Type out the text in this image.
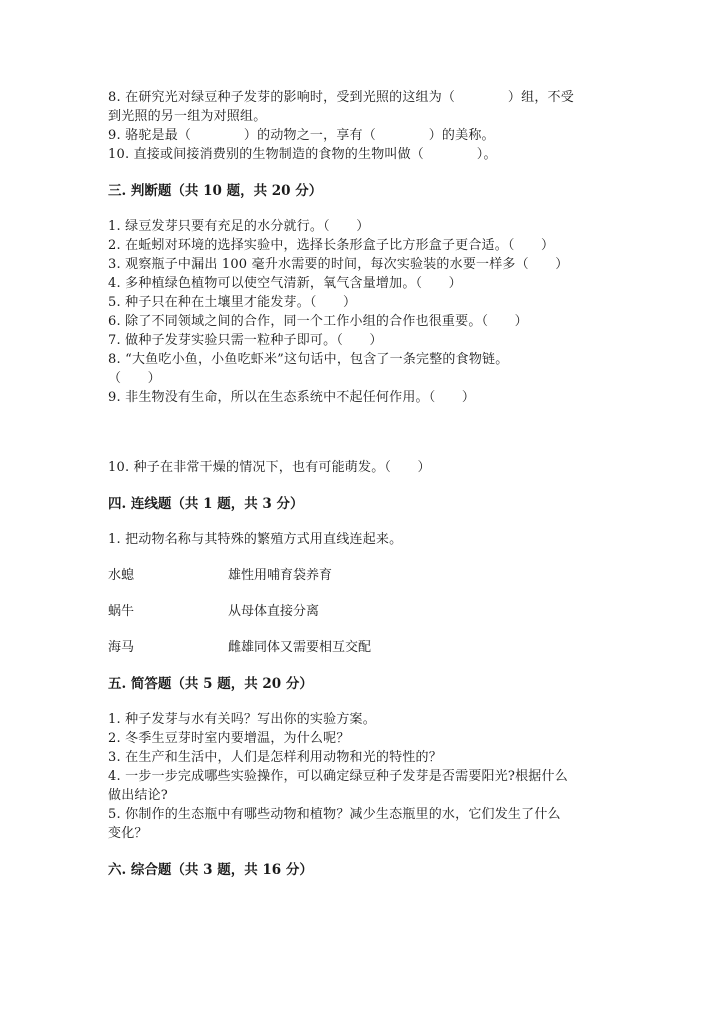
8. 在研究光对绿豆种子发芽的影响时，受到光照的这组为（　　　　）组，不受
到光照的另一组为对照组。
9. 骆驼是最（　　　　）的动物之一，享有（　　　　）的美称。
10. 直接或间接消费别的生物制造的食物的生物叫做（　　　　）。
三. 判断题（共 10 题，共 20 分）
1. 绿豆发芽只要有充足的水分就行。（　　）
2. 在蚯蚓对环境的选择实验中，选择长条形盒子比方形盒子更合适。（　　）
3. 观察瓶子中漏出 100 毫升水需要的时间，每次实验装的水要一样多（　　）
4. 多种植绿色植物可以使空气清新，氧气含量增加。（　　）
5. 种子只在种在土壤里才能发芽。（　　）
6. 除了不同领域之间的合作，同一个工作小组的合作也很重要。（　　）
7. 做种子发芽实验只需一粒种子即可。（　　）
8. “大鱼吃小鱼，小鱼吃虾米”这句话中，包含了一条完整的食物链。
（　　）
9. 非生物没有生命，所以在生态系统中不起任何作用。（　　）
10. 种子在非常干燥的情况下，也有可能萌发。（　　）
四. 连线题（共 1 题，共 3 分）
1. 把动物名称与其特殊的繁殖方式用直线连起来。
水螅	雄性用哺育袋养育
蜗牛	从母体直接分离
海马	雌雄同体又需要相互交配
五. 简答题（共 5 题，共 20 分）
1. 种子发芽与水有关吗？写出你的实验方案。
2. 冬季生豆芽时室内要增温，为什么呢？
3. 在生产和生活中，人们是怎样利用动物和光的特性的？
4. 一步一步完成哪些实验操作，可以确定绿豆种子发芽是否需要阳光?根据什么
做出结论?
5. 你制作的生态瓶中有哪些动物和植物？减少生态瓶里的水，它们发生了什么
变化？
六. 综合题（共 3 题，共 16 分）
